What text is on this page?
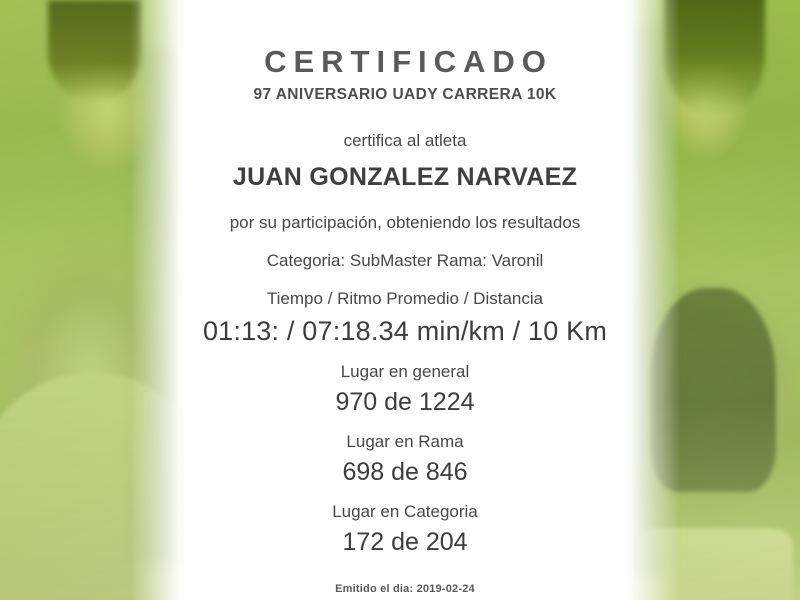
CERTIFICADO
97 ANIVERSARIO UADY CARRERA 10K
certifica al atleta
JUAN GONZALEZ NARVAEZ
por su participación, obteniendo los resultados
Categoria: SubMaster Rama: Varonil
Tiempo / Ritmo Promedio / Distancia
01:13: / 07:18.34 min/km / 10 Km
Lugar en general
970 de 1224
Lugar en Rama
698 de 846
Lugar en Categoria
172 de 204
Emitido el dia: 2019-02-24
